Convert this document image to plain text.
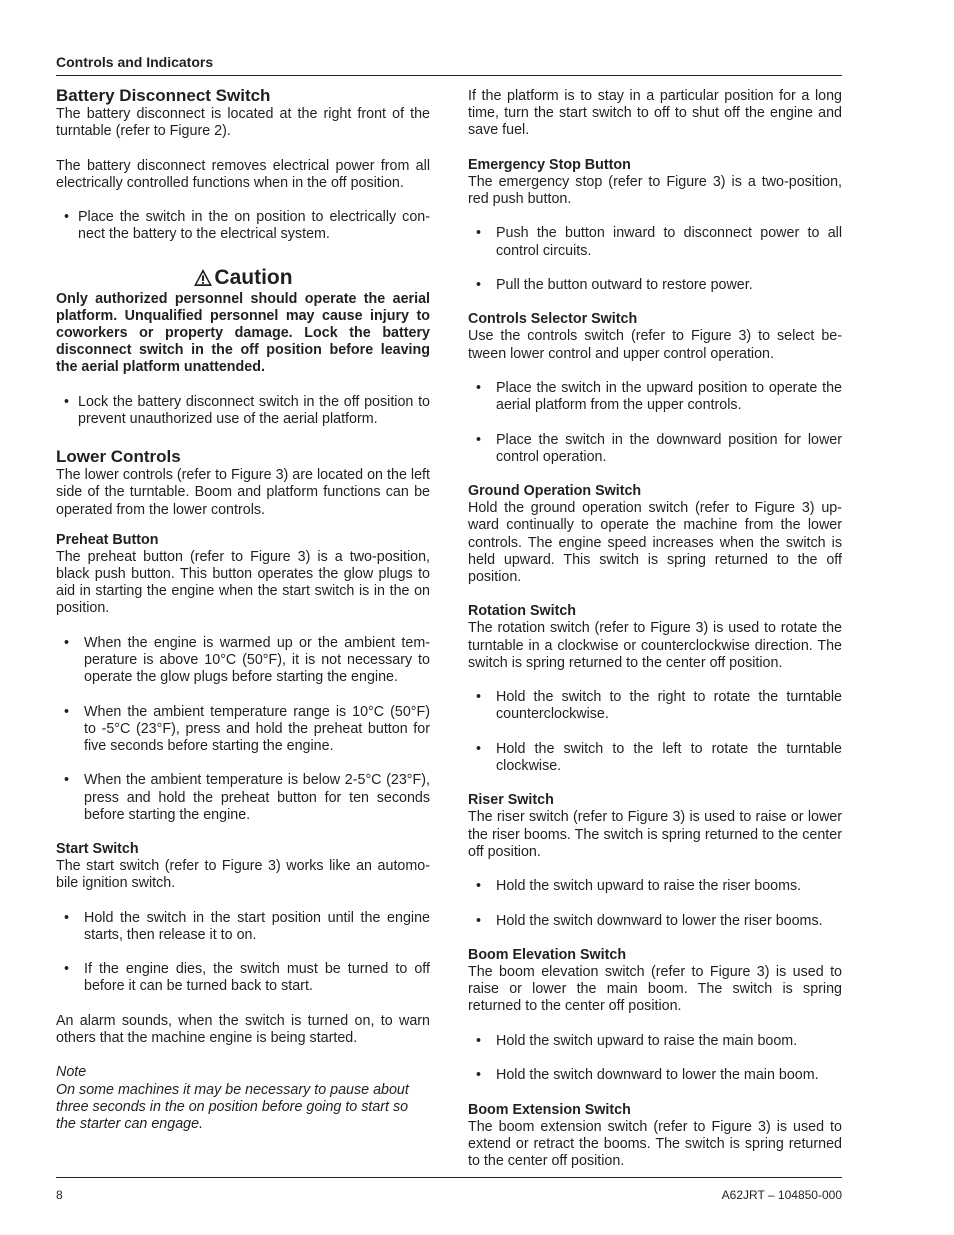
Controls and Indicators
Battery Disconnect Switch

The battery disconnect is located at the right front of the turntable (refer to Figure 2).

The battery disconnect removes electrical power from all electrically controlled functions when in the off position.

• Place the switch in the on position to electrically con-nect the battery to the electrical system.
Caution

Only authorized personnel should operate the aerial platform. Unqualified personnel may cause injury to coworkers or property damage. Lock the battery disconnect switch in the off position before leaving the aerial platform unattended.

• Lock the battery disconnect switch in the off position to prevent unauthorized use of the aerial platform.
Lower Controls

The lower controls (refer to Figure 3) are located on the left side of the turntable. Boom and platform functions can be operated from the lower controls.

Preheat Button

The preheat button (refer to Figure 3) is a two-position, black push button. This button operates the glow plugs to aid in starting the engine when the start switch is in the on position.

• When the engine is warmed up or the ambient tem-perature is above 10°C (50°F), it is not necessary to operate the glow plugs before starting the engine.
• When the ambient temperature range is 10°C (50°F) to -5°C (23°F), press and hold the preheat button for five seconds before starting the engine.
• When the ambient temperature is below 2-5°C (23°F), press and hold the preheat button for ten seconds before starting the engine.
Start Switch

The start switch (refer to Figure 3) works like an automo-bile ignition switch.

• Hold the switch in the start position until the engine starts, then release it to on.
• If the engine dies, the switch must be turned to off before it can be turned back to start.

An alarm sounds, when the switch is turned on, to warn others that the machine engine is being started.

Note

On some machines it may be necessary to pause about three seconds in the on position before going to start so the starter can engage.

If the platform is to stay in a particular position for a long time, turn the start switch to off to shut off the engine and save fuel.

Emergency Stop Button

The emergency stop (refer to Figure 3) is a two-position, red push button.

• Push the button inward to disconnect power to all control circuits.
• Pull the button outward to restore power.
Controls Selector Switch

Use the controls switch (refer to Figure 3) to select be-tween lower control and upper control operation.

• Place the switch in the upward position to operate the aerial platform from the upper controls.
• Place the switch in the downward position for lower control operation.
Ground Operation Switch

Hold the ground operation switch (refer to Figure 3) up-ward continually to operate the machine from the lower controls. The engine speed increases when the switch is held upward. This switch is spring returned to the off position.

Rotation Switch

The rotation switch (refer to Figure 3) is used to rotate the turntable in a clockwise or counterclockwise direction. The switch is spring returned to the center off position.

• Hold the switch to the right to rotate the turntable counterclockwise.
• Hold the switch to the left to rotate the turntable clockwise.
Riser Switch

The riser switch (refer to Figure 3) is used to raise or lower the riser booms. The switch is spring returned to the center off position.

• Hold the switch upward to raise the riser booms.
• Hold the switch downward to lower the riser booms.
Boom Elevation Switch

The boom elevation switch (refer to Figure 3) is used to raise or lower the main boom. The switch is spring returned to the center off position.

• Hold the switch upward to raise the main boom.
• Hold the switch downward to lower the main boom.
Boom Extension Switch

The boom extension switch (refer to Figure 3) is used to extend or retract the booms. The switch is spring returned to the center off position.

8	A62JRT – 104850-000
